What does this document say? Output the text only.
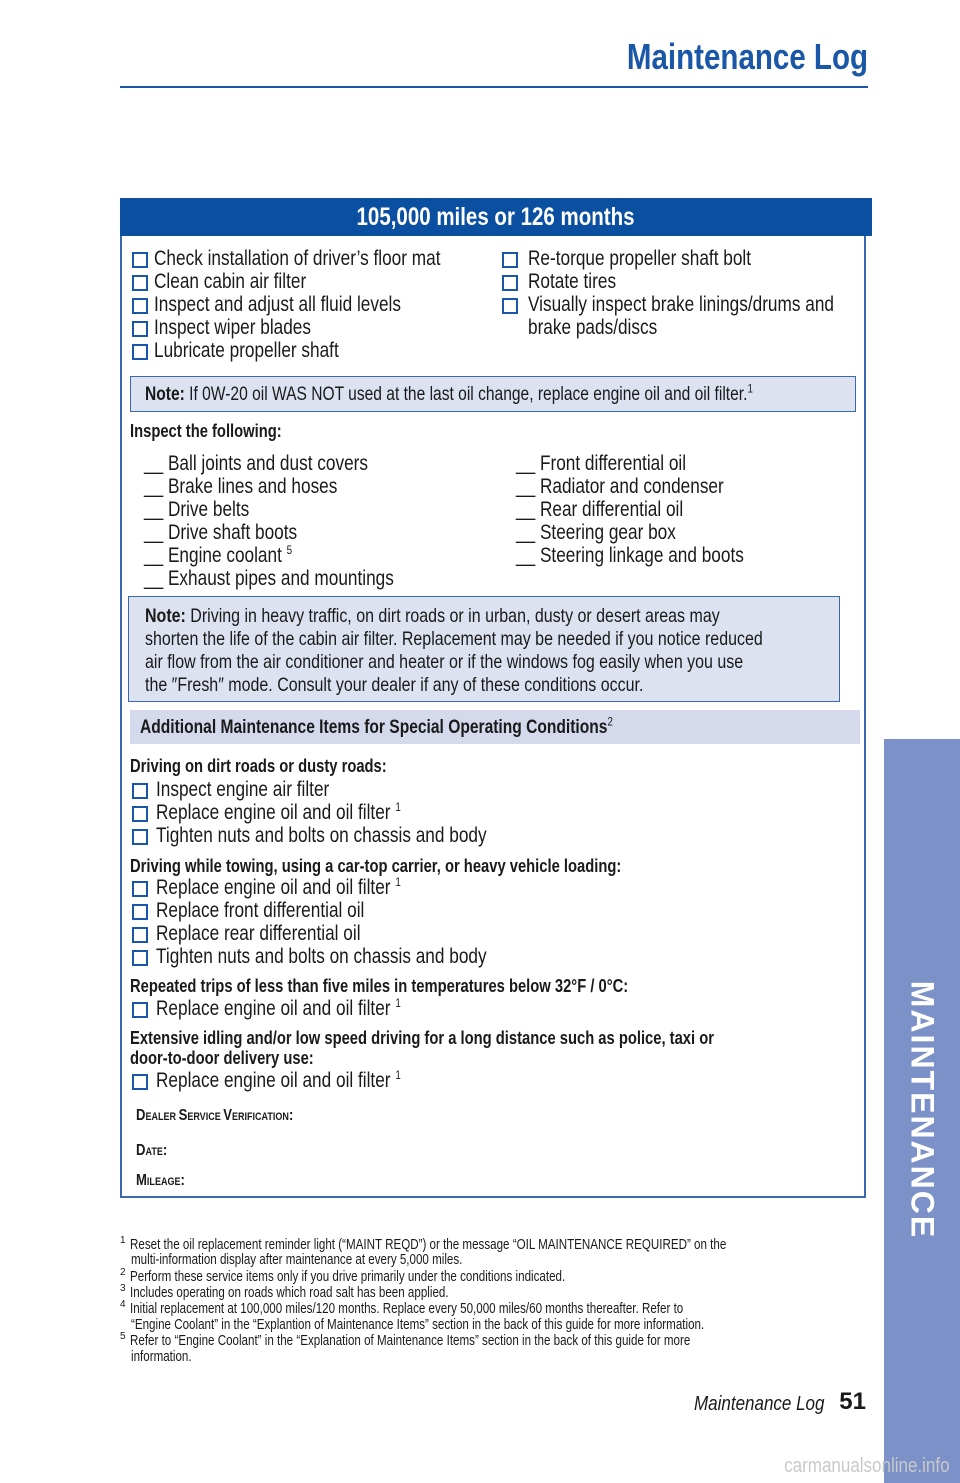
Maintenance Log
105,000 miles or 126 months
Check installation of driver’s floor mat
Clean cabin air filter
Inspect and adjust all fluid levels
Inspect wiper blades
Lubricate propeller shaft
Re-torque propeller shaft bolt
Rotate tires
Visually inspect brake linings/drums and
brake pads/discs
Note: If 0W-20 oil WAS NOT used at the last oil change, replace engine oil and oil filter.$^1$
Inspect the following:
__ Ball joints and dust covers
__ Brake lines and hoses
__ Drive belts
__ Drive shaft boots
__ Engine coolant $^5$
__ Exhaust pipes and mountings
__ Front differential oil
__ Radiator and condenser
__ Rear differential oil
__ Steering gear box
__ Steering linkage and boots
Note: Driving in heavy traffic, on dirt roads or in urban, dusty or desert areas may
shorten the life of the cabin air filter. Replacement may be needed if you notice reduced
air flow from the air conditioner and heater or if the windows fog easily when you use
the ″Fresh″ mode. Consult your dealer if any of these conditions occur.
Additional Maintenance Items for Special Operating Conditions$^2$
Driving on dirt roads or dusty roads:
Inspect engine air filter
Replace engine oil and oil filter $^1$
Tighten nuts and bolts on chassis and body
Driving while towing, using a car-top carrier, or heavy vehicle loading:
Replace engine oil and oil filter $^1$
Replace front differential oil
Replace rear differential oil
Tighten nuts and bolts on chassis and body
Repeated trips of less than five miles in temperatures below 32°F / 0°C:
Replace engine oil and oil filter $^1$
Extensive idling and/or low speed driving for a long distance such as police, taxi or
door-to-door delivery use:
Replace engine oil and oil filter $^1$
DEALER SERVICE VERIFICATION:
DATE:
MILEAGE:
$^1$ Reset the oil replacement reminder light (“MAINT REQD”) or the message “OIL MAINTENANCE REQUIRED” on the
multi-information display after maintenance at every 5,000 miles.
$^2$ Perform these service items only if you drive primarily under the conditions indicated.
$^3$ Includes operating on roads which road salt has been applied.
$^4$ Initial replacement at 100,000 miles/120 months. Replace every 50,000 miles/60 months thereafter. Refer to
“Engine Coolant” in the “Explantion of Maintenance Items” section in the back of this guide for more information.
$^5$ Refer to “Engine Coolant” in the “Explanation of Maintenance Items” section in the back of this guide for more
information.
MAINTENANCE
Maintenance Log 51
carmanualsonline.info
